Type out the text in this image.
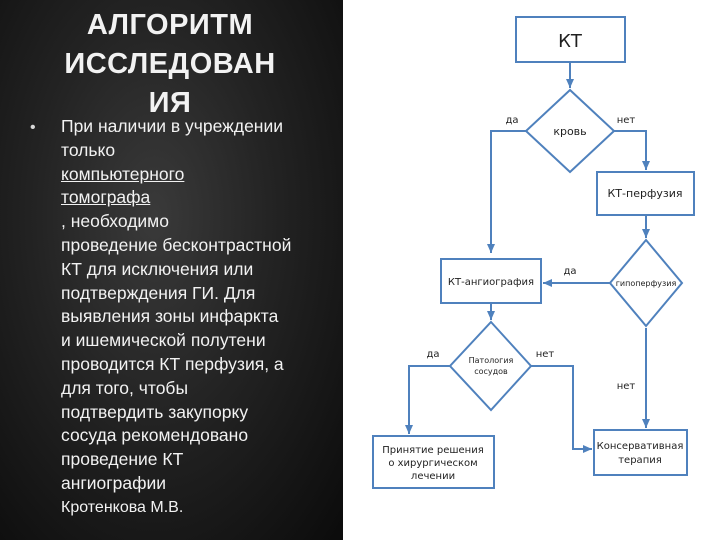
АЛГОРИТМ
ИССЛЕДОВАН
ИЯ
• При наличии в учреждении
только
компьютерного
томографа
, необходимо
проведение бесконтрастной
КТ для исключения или
подтверждения ГИ. Для
выявления зоны инфаркта
и ишемической полутени
проводится КТ перфузия, а
для того, чтобы
подтвердить закупорку
сосуда рекомендовано
проведение КТ
ангиографии
Кротенкова М.В.
КТ
кровь
КТ-перфузия
гипоперфузия
КТ-ангиография
Патология
сосудов
Принятие решения
о хирургическом
лечении
Консервативная
терапия
да	нет
да
да	нет
нет
